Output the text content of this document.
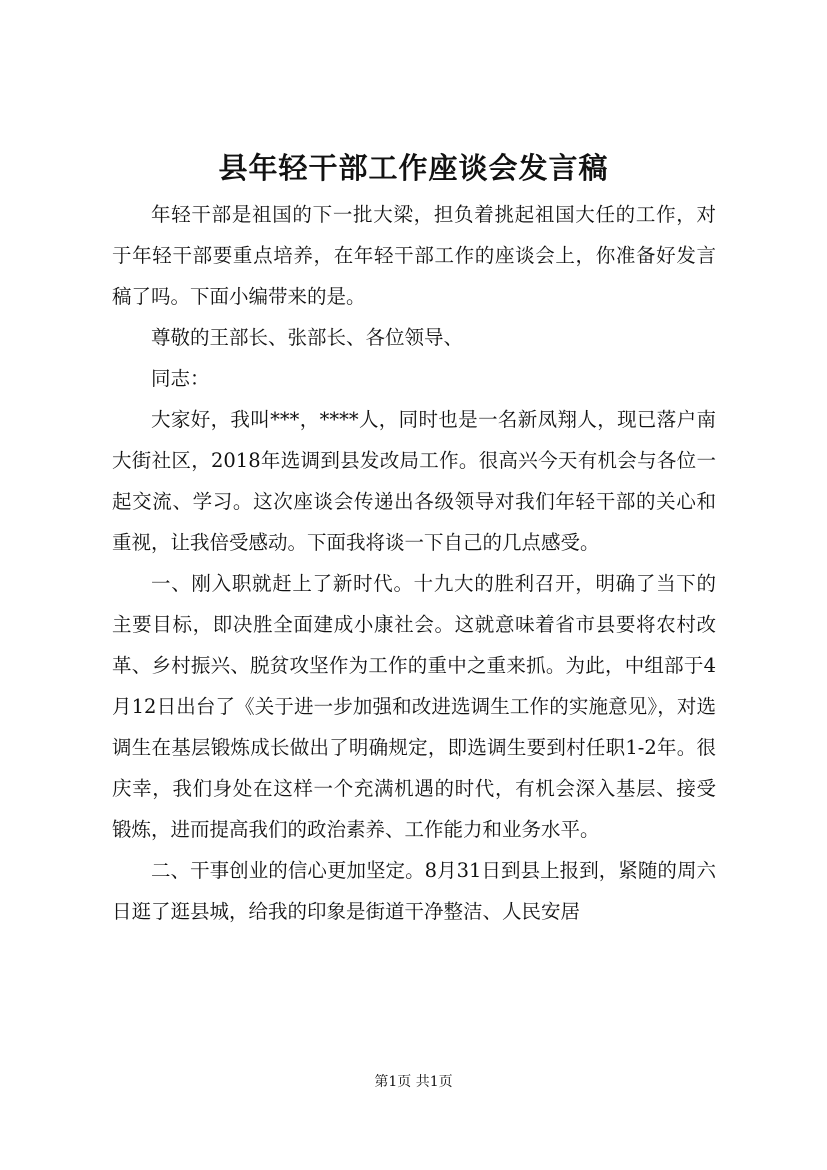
县年轻干部工作座谈会发言稿

年轻干部是祖国的下一批大梁，担负着挑起祖国大任的工作，对于年轻干部要重点培养，在年轻干部工作的座谈会上，你准备好发言稿了吗。下面小编带来的是。

尊敬的王部长、张部长、各位领导、

同志：

大家好，我叫***，****人，同时也是一名新凤翔人，现已落户南大街社区，2018年选调到县发改局工作。很高兴今天有机会与各位一起交流、学习。这次座谈会传递出各级领导对我们年轻干部的关心和重视，让我倍受感动。下面我将谈一下自己的几点感受。

一、刚入职就赶上了新时代。十九大的胜利召开，明确了当下的主要目标，即决胜全面建成小康社会。这就意味着省市县要将农村改革、乡村振兴、脱贫攻坚作为工作的重中之重来抓。为此，中组部于4月12日出台了《关于进一步加强和改进选调生工作的实施意见》，对选调生在基层锻炼成长做出了明确规定，即选调生要到村任职1-2年。很庆幸，我们身处在这样一个充满机遇的时代，有机会深入基层、接受锻炼，进而提高我们的政治素养、工作能力和业务水平。

二、干事创业的信心更加坚定。8月31日到县上报到，紧随的周六日逛了逛县城，给我的印象是街道干净整洁、人民安居

第1页 共1页
